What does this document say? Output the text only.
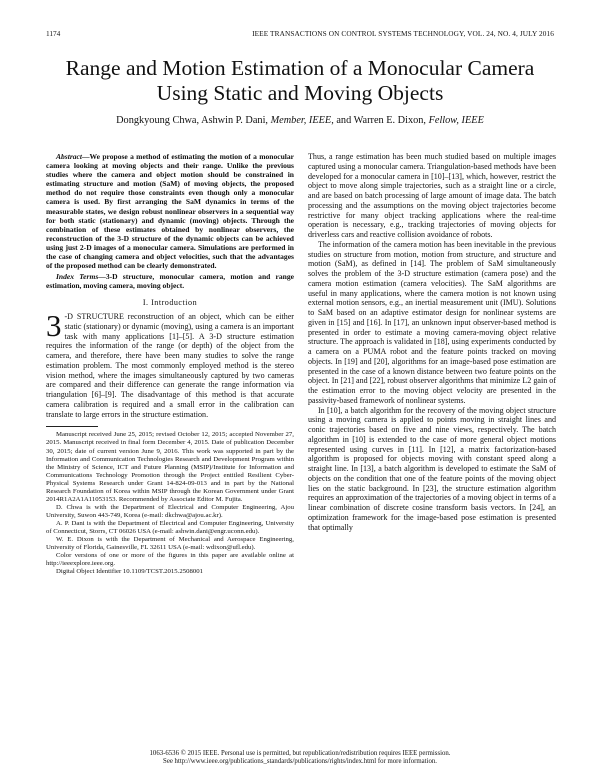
1174	IEEE TRANSACTIONS ON CONTROL SYSTEMS TECHNOLOGY, VOL. 24, NO. 4, JULY 2016
Range and Motion Estimation of a Monocular Camera Using Static and Moving Objects
Dongkyoung Chwa, Ashwin P. Dani, Member, IEEE, and Warren E. Dixon, Fellow, IEEE

Abstract—We propose a method of estimating the motion of a monocular camera looking at moving objects and their range. Unlike the previous studies where the camera and object motion should be constrained in estimating structure and motion (SaM) of moving objects, the proposed method do not require those constraints even though only a monocular camera is used. By first arranging the SaM dynamics in terms of the measurable states, we design robust nonlinear observers in a sequential way for both static (stationary) and dynamic (moving) objects. Through the combination of these estimates obtained by nonlinear observers, the reconstruction of the 3-D structure of the dynamic objects can be achieved using just 2-D images of a monocular camera. Simulations are performed in the case of changing camera and object velocities, such that the advantages of the proposed method can be clearly demonstrated.

Index Terms—3-D structure, monocular camera, motion and range estimation, moving camera, moving object.

I. Introduction

3 -D STRUCTURE reconstruction of an object, which can be either static (stationary) or dynamic (moving), using a camera is an important task with many applications [1]–[5]. A 3-D structure estimation requires the information of the range (or depth) of the object from the camera, and therefore, there have been many studies to solve the range estimation problem. The most commonly employed method is the stereo vision method, where the images simultaneously captured by two cameras are compared and their difference can generate the range information via triangulation [6]–[9]. The disadvantage of this method is that accurate camera calibration is required and a small error in the calibration can translate to large errors in the structure estimation.

Manuscript received June 25, 2015; revised October 12, 2015; accepted November 27, 2015. Manuscript received in final form December 4, 2015. Date of publication December 30, 2015; date of current version June 9, 2016. This work was supported in part by the Information and Communication Technologies Research and Development Program within the Ministry of Science, ICT and Future Planning (MSIP)/Institute for Information and Communications Technology Promotion through the Project entitled Resilient Cyber-Physical Systems Research under Grant 14-824-09-013 and in part by the National Research Foundation of Korea within MSIP through the Korean Government under Grant 2014R1A2A1A11053153. Recommended by Associate Editor M. Fujita.

D. Chwa is with the Department of Electrical and Computer Engineering, Ajou University, Suwon 443-749, Korea (e-mail: dkchwa@ajou.ac.kr).

A. P. Dani is with the Department of Electrical and Computer Engineering, University of Connecticut, Storrs, CT 06026 USA (e-mail: ashwin.dani@engr.uconn.edu).

W. E. Dixon is with the Department of Mechanical and Aerospace Engineering, University of Florida, Gainesville, FL 32611 USA (e-mail: wdixon@ufl.edu).

Color versions of one or more of the figures in this paper are available online at http://ieeexplore.ieee.org.

Digital Object Identifier 10.1109/TCST.2015.2508001

Thus, a range estimation has been much studied based on multiple images captured using a monocular camera. Triangulation-based methods have been developed for a monocular camera in [10]–[13], which, however, restrict the object to move along simple trajectories, such as a straight line or a circle, and are based on batch processing of large amount of image data. The batch processing and the assumptions on the moving object trajectories become restrictive for many object tracking applications where the real-time operation is necessary, e.g., tracking trajectories of moving objects for driverless cars and reactive collision avoidance of robots.

The information of the camera motion has been inevitable in the previous studies on structure from motion, motion from structure, and structure and motion (SaM), as defined in [14]. The problem of SaM simultaneously solves the problem of the 3-D structure estimation (camera pose) and the camera motion estimation (camera velocities). The SaM algorithms are useful in many applications, where the camera motion is not known using external motion sensors, e.g., an inertial measurement unit (IMU). Solutions to SaM based on an adaptive estimator design for nonlinear systems are given in [15] and [16]. In [17], an unknown input observer-based method is presented in order to estimate a moving camera-moving object relative structure. The approach is validated in [18], using experiments conducted by a camera on a PUMA robot and the feature points tracked on moving objects. In [19] and [20], algorithms for an image-based pose estimation are presented in the case of a known distance between two feature points on the object. In [21] and [22], robust observer algorithms that minimize L2 gain of the estimation error to the moving object velocity are presented in the passivity-based framework of nonlinear systems.

In [10], a batch algorithm for the recovery of the moving object structure using a moving camera is applied to points moving in straight lines and conic trajectories based on five and nine views, respectively. The batch algorithm in [10] is extended to the case of more general object motions represented using curves in [11]. In [12], a matrix factorization-based algorithm is proposed for objects moving with constant speed along a straight line. In [13], a batch algorithm is developed to estimate the SaM of objects on the condition that one of the feature points of the moving object lies on the static background. In [23], the structure estimation algorithm requires an approximation of the trajectories of a moving object in terms of a linear combination of discrete cosine transform basis vectors. In [24], an optimization framework for the image-based pose estimation is presented that optimally

1063-6536 © 2015 IEEE. Personal use is permitted, but republication/redistribution requires IEEE permission.
See http://www.ieee.org/publications_standards/publications/rights/index.html for more information.
